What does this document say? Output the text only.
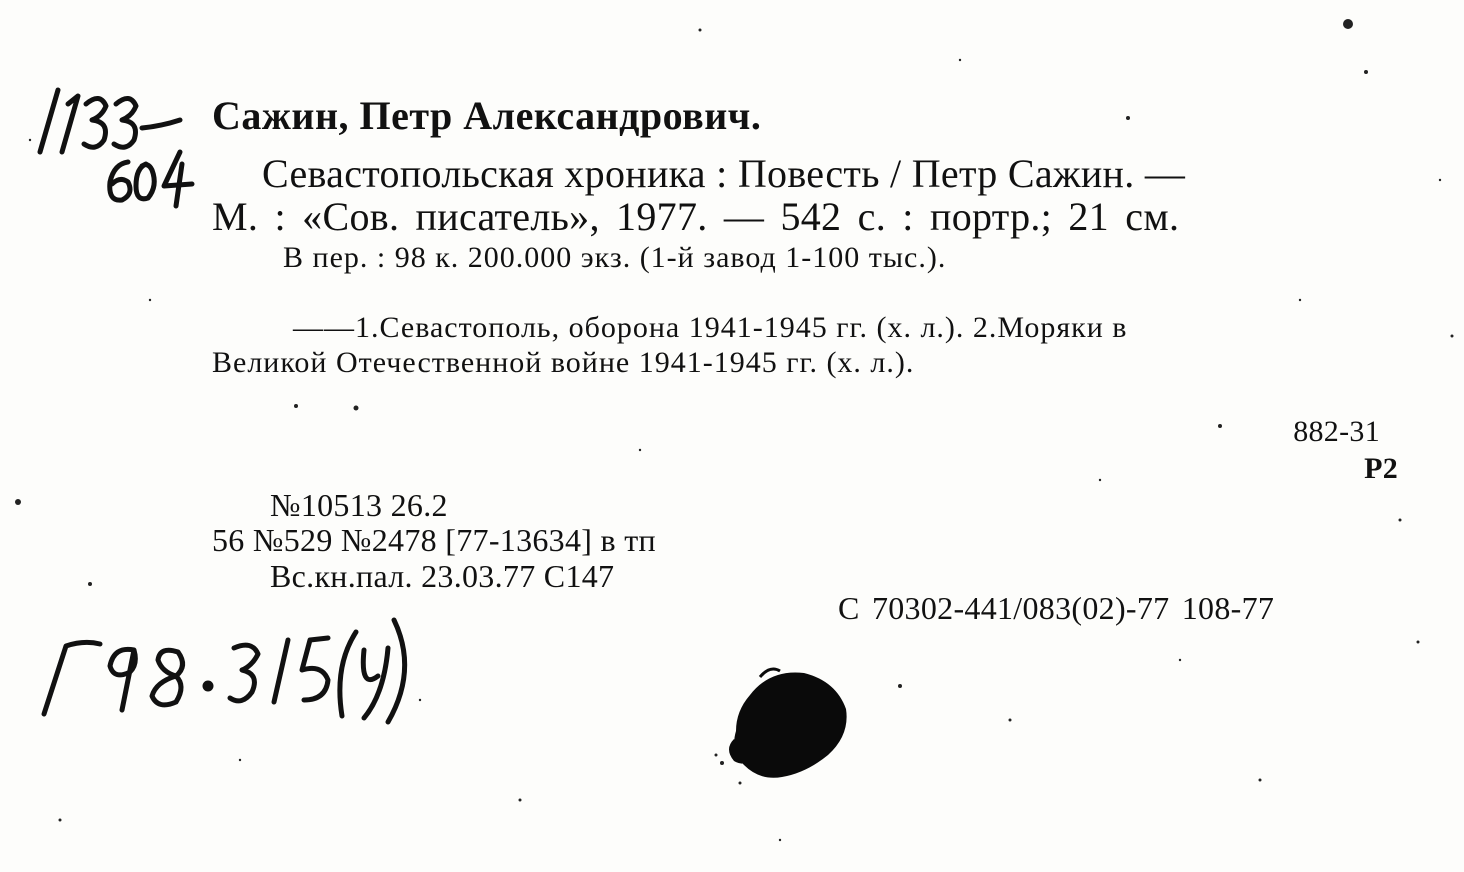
Сажин, Петр Александрович.
Севастопольская хроника : Повесть / Петр Сажин. —
М. : «Сов. писатель», 1977. — 542 с. : портр.; 21 см.
В пер. : 98 к. 200.000 экз. (1-й завод 1-100 тыс.).
——1.Севастополь, оборона 1941-1945 гг. (х. л.). 2.Моряки в
Великой Отечественной войне 1941-1945 гг. (х. л.).
882-31
Р2
№10513 26.2
56 №529 №2478 [77-13634] в тп
Вс.кн.пал. 23.03.77 С147
С 70302-441/083(02)-77 108-77
